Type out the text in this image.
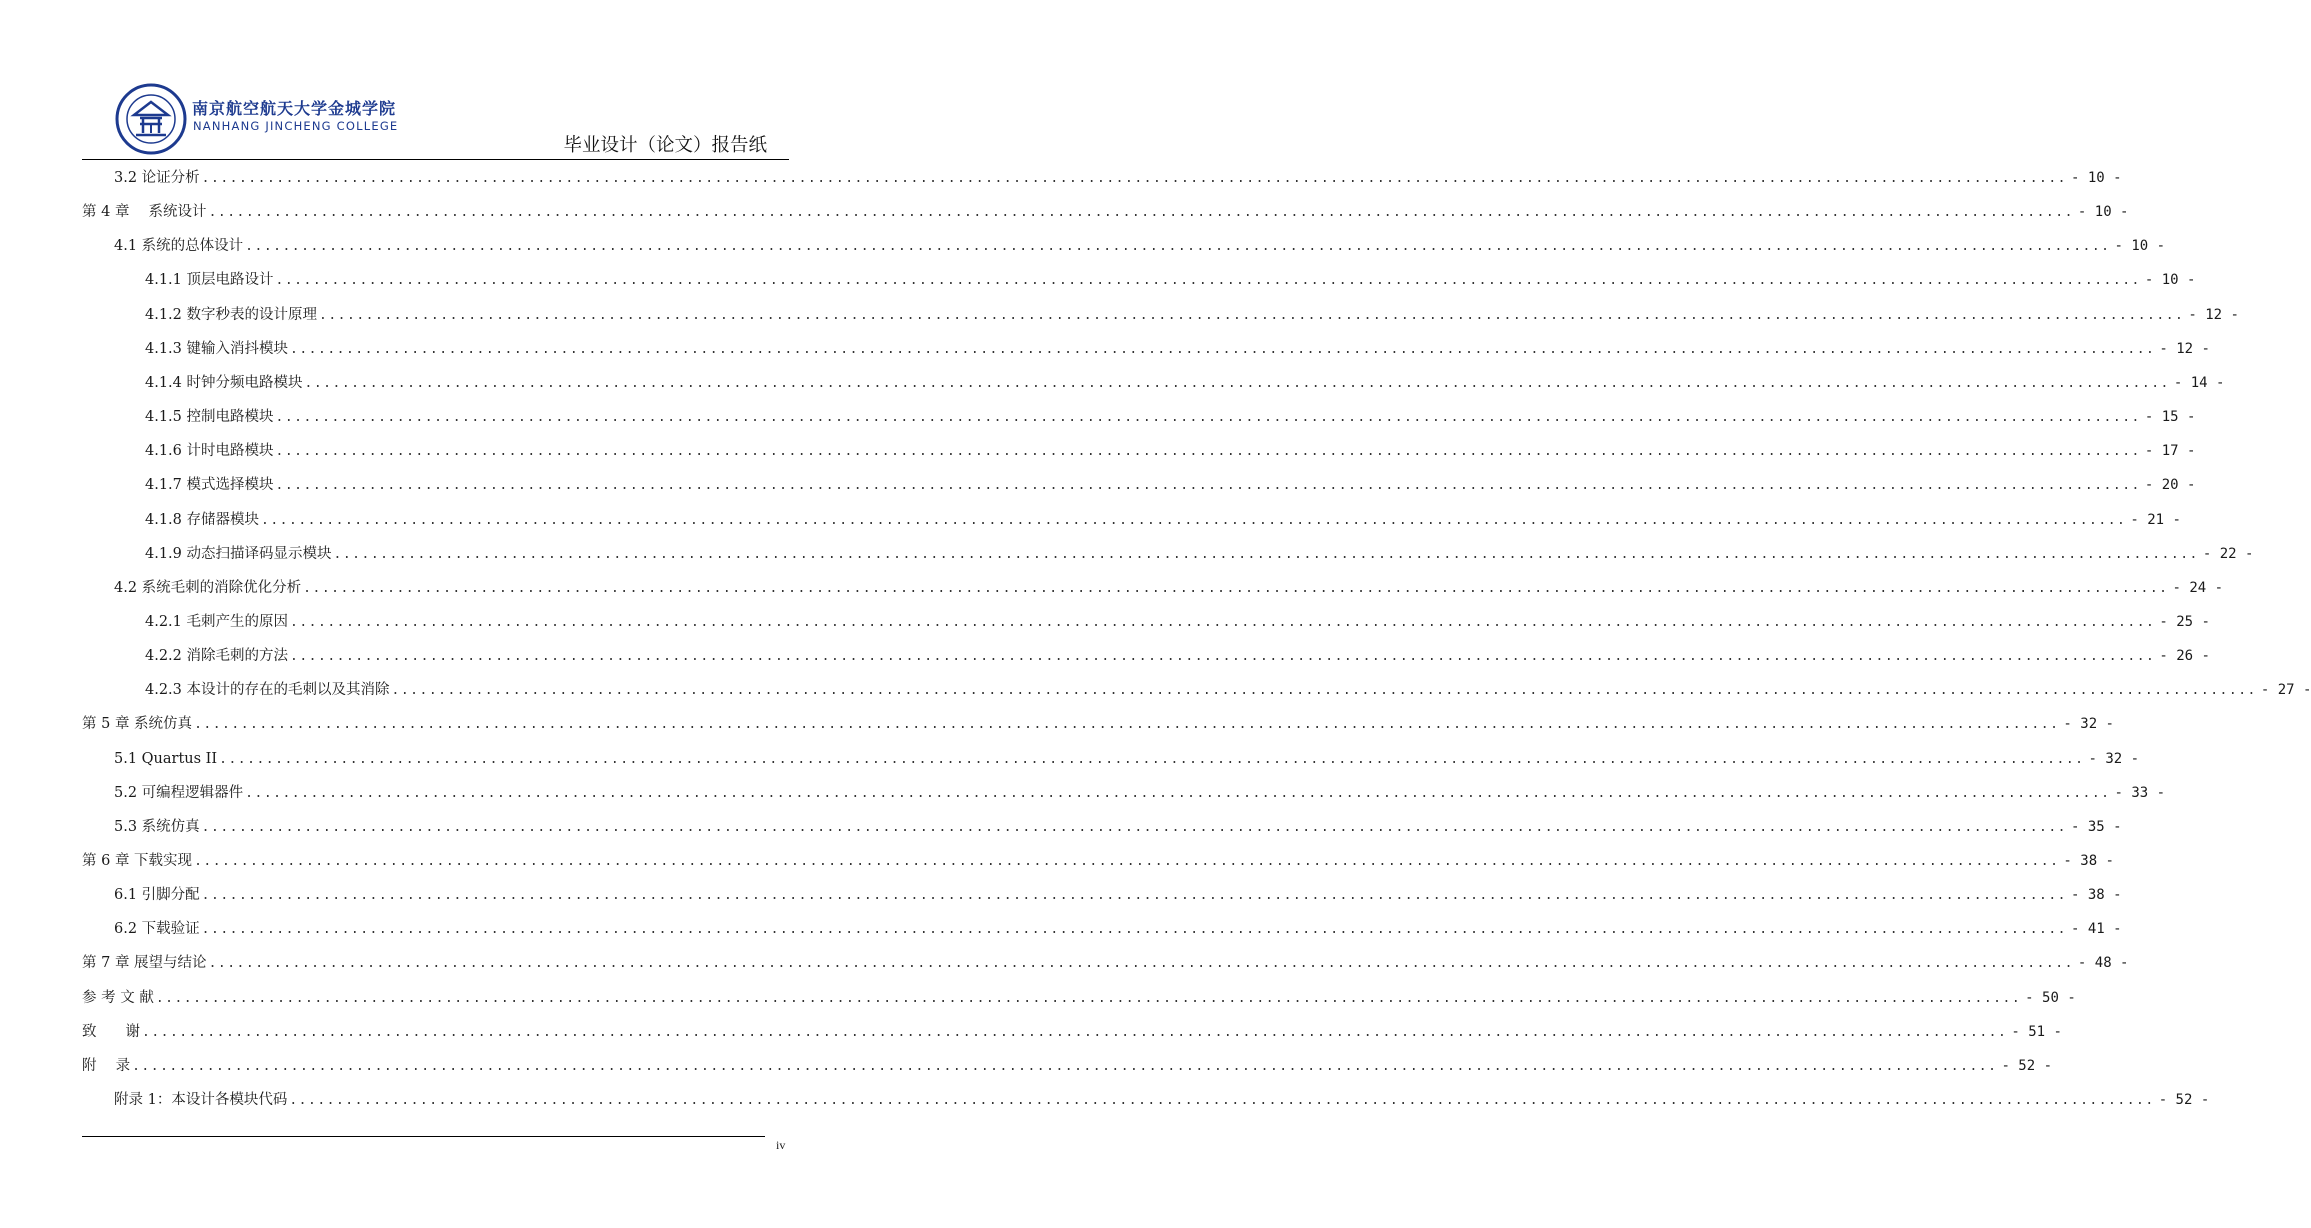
南京航空航天大学金城学院
NANHANG JINCHENG COLLEGE
毕业设计（论文）报告纸
3.2 论证分析 ........................................................................................................................................................................................................ - 10 -
第 4 章　 系统设计 ........................................................................................................................................................................................................ - 10 -
4.1 系统的总体设计 ........................................................................................................................................................................................................ - 10 -
4.1.1 顶层电路设计 ........................................................................................................................................................................................................ - 10 -
4.1.2 数字秒表的设计原理 ........................................................................................................................................................................................................ - 12 -
4.1.3 键输入消抖模块 ........................................................................................................................................................................................................ - 12 -
4.1.4 时钟分频电路模块 ........................................................................................................................................................................................................ - 14 -
4.1.5 控制电路模块 ........................................................................................................................................................................................................ - 15 -
4.1.6 计时电路模块 ........................................................................................................................................................................................................ - 17 -
4.1.7 模式选择模块 ........................................................................................................................................................................................................ - 20 -
4.1.8 存储器模块 ........................................................................................................................................................................................................ - 21 -
4.1.9 动态扫描译码显示模块 ........................................................................................................................................................................................................ - 22 -
4.2 系统毛刺的消除优化分析 ........................................................................................................................................................................................................ - 24 -
4.2.1 毛刺产生的原因 ........................................................................................................................................................................................................ - 25 -
4.2.2 消除毛刺的方法 ........................................................................................................................................................................................................ - 26 -
4.2.3 本设计的存在的毛刺以及其消除 ........................................................................................................................................................................................................ - 27 -
第 5 章 系统仿真 ........................................................................................................................................................................................................ - 32 -
5.1 Quartus II ........................................................................................................................................................................................................ - 32 -
5.2 可编程逻辑器件 ........................................................................................................................................................................................................ - 33 -
5.3 系统仿真 ........................................................................................................................................................................................................ - 35 -
第 6 章 下载实现 ........................................................................................................................................................................................................ - 38 -
6.1 引脚分配 ........................................................................................................................................................................................................ - 38 -
6.2 下载验证 ........................................................................................................................................................................................................ - 41 -
第 7 章 展望与结论 ........................................................................................................................................................................................................ - 48 -
参 考 文 献 ........................................................................................................................................................................................................ - 50 -
致　　谢 ........................................................................................................................................................................................................ - 51 -
附　 录 ........................................................................................................................................................................................................ - 52 -
附录 1：本设计各模块代码 ........................................................................................................................................................................................................ - 52 -
iv
